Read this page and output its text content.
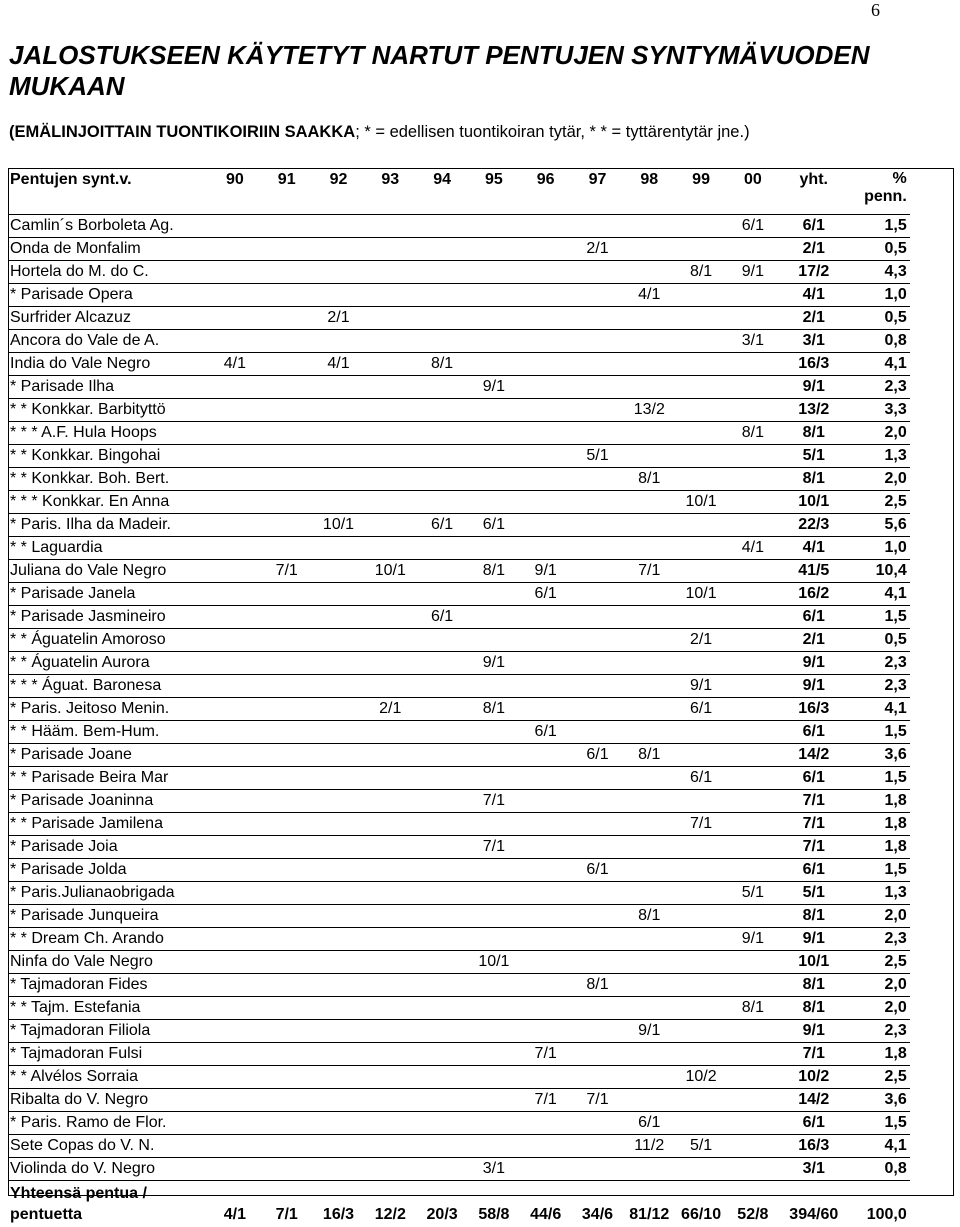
6
JALOSTUKSEEN KÄYTETYT NARTUT PENTUJEN SYNTYMÄVUODEN MUKAAN
(EMÄLINJOITTAIN TUONTIKOIRIIN SAAKKA; * = edellisen tuontikoiran tytär, * * = tyttärentytär jne.)
Pentujen synt.v.	90	91	92	93	94	95	96	97	98	99	00	yht.	% penn.
Camlin´s Borboleta Ag.											6/1	6/1	1,5
Onda de Monfalim								2/1				2/1	0,5
Hortela do M. do C.										8/1	9/1	17/2	4,3
* Parisade Opera									4/1			4/1	1,0
Surfrider Alcazuz			2/1									2/1	0,5
Ancora do Vale de A.											3/1	3/1	0,8
India do Vale Negro	4/1		4/1		8/1							16/3	4,1
* Parisade Ilha						9/1						9/1	2,3
* * Konkkar. Barbityttö									13/2			13/2	3,3
* * * A.F. Hula Hoops											8/1	8/1	2,0
* * Konkkar. Bingohai								5/1				5/1	1,3
* * Konkkar. Boh. Bert.									8/1			8/1	2,0
* * * Konkkar. En Anna										10/1		10/1	2,5
* Paris. Ilha da Madeir.			10/1		6/1	6/1						22/3	5,6
* * Laguardia											4/1	4/1	1,0
Juliana do Vale Negro		7/1		10/1		8/1	9/1		7/1			41/5	10,4
* Parisade Janela							6/1			10/1		16/2	4,1
* Parisade Jasmineiro					6/1							6/1	1,5
* * Águatelin Amoroso										2/1		2/1	0,5
* * Águatelin Aurora						9/1						9/1	2,3
* * * Águat. Baronesa										9/1		9/1	2,3
* Paris. Jeitoso Menin.				2/1		8/1				6/1		16/3	4,1
* * Hääm. Bem-Hum.							6/1					6/1	1,5
* Parisade Joane								6/1	8/1			14/2	3,6
* * Parisade Beira Mar										6/1		6/1	1,5
* Parisade Joaninna						7/1						7/1	1,8
* * Parisade Jamilena										7/1		7/1	1,8
* Parisade Joia						7/1						7/1	1,8
* Parisade Jolda								6/1				6/1	1,5
* Paris.Julianaobrigada											5/1	5/1	1,3
* Parisade Junqueira									8/1			8/1	2,0
* * Dream Ch. Arando											9/1	9/1	2,3
Ninfa do Vale Negro						10/1						10/1	2,5
* Tajmadoran Fides								8/1				8/1	2,0
* * Tajm. Estefania											8/1	8/1	2,0
* Tajmadoran Filiola									9/1			9/1	2,3
* Tajmadoran Fulsi							7/1					7/1	1,8
* * Alvélos Sorraia										10/2		10/2	2,5
Ribalta do V. Negro							7/1	7/1				14/2	3,6
* Paris. Ramo de Flor.									6/1			6/1	1,5
Sete Copas do V. N.									11/2	5/1		16/3	4,1
Violinda do V. Negro						3/1						3/1	0,8
Yhteensä pentua / pentuetta	4/1	7/1	16/3	12/2	20/3	58/8	44/6	34/6	81/12	66/10	52/8	394/60	100,0
